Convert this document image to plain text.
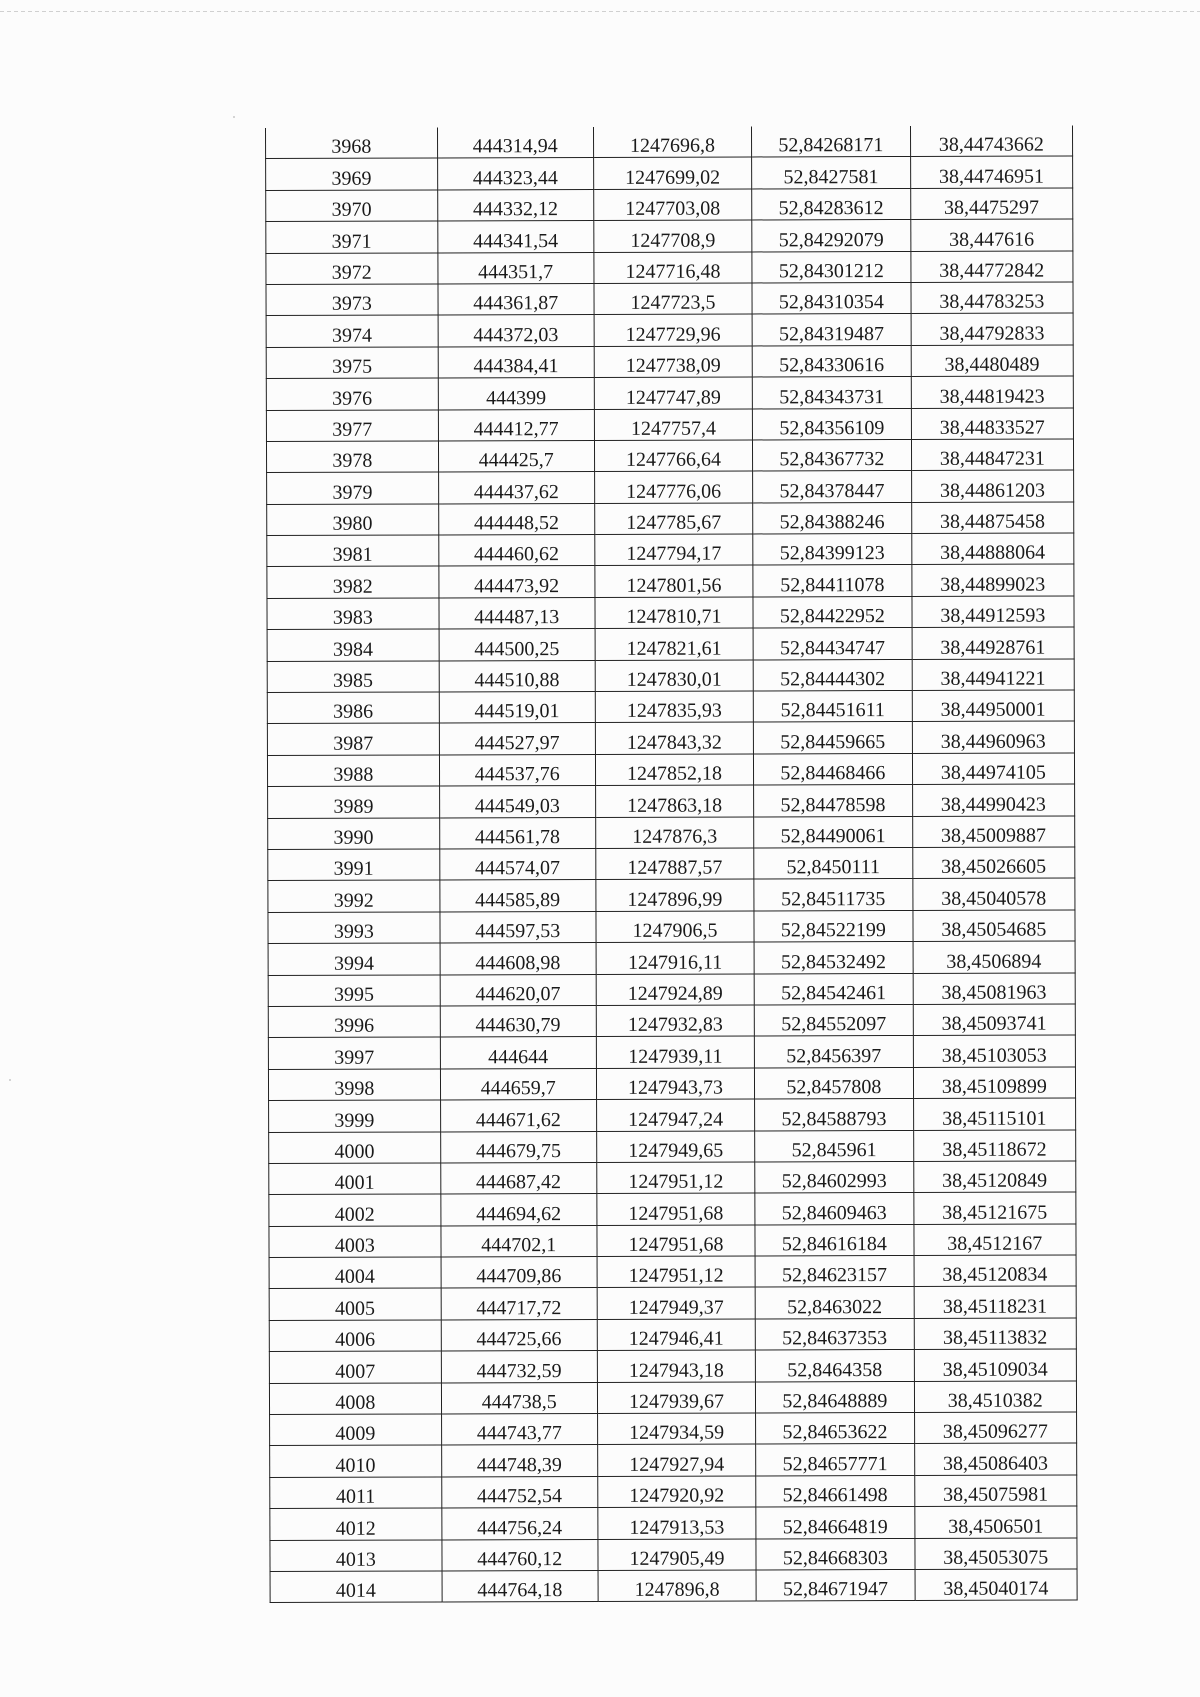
3968	444314,94	1247696,8	52,84268171	38,44743662
3969	444323,44	1247699,02	52,8427581	38,44746951
3970	444332,12	1247703,08	52,84283612	38,4475297
3971	444341,54	1247708,9	52,84292079	38,447616
3972	444351,7	1247716,48	52,84301212	38,44772842
3973	444361,87	1247723,5	52,84310354	38,44783253
3974	444372,03	1247729,96	52,84319487	38,44792833
3975	444384,41	1247738,09	52,84330616	38,4480489
3976	444399	1247747,89	52,84343731	38,44819423
3977	444412,77	1247757,4	52,84356109	38,44833527
3978	444425,7	1247766,64	52,84367732	38,44847231
3979	444437,62	1247776,06	52,84378447	38,44861203
3980	444448,52	1247785,67	52,84388246	38,44875458
3981	444460,62	1247794,17	52,84399123	38,44888064
3982	444473,92	1247801,56	52,84411078	38,44899023
3983	444487,13	1247810,71	52,84422952	38,44912593
3984	444500,25	1247821,61	52,84434747	38,44928761
3985	444510,88	1247830,01	52,84444302	38,44941221
3986	444519,01	1247835,93	52,84451611	38,44950001
3987	444527,97	1247843,32	52,84459665	38,44960963
3988	444537,76	1247852,18	52,84468466	38,44974105
3989	444549,03	1247863,18	52,84478598	38,44990423
3990	444561,78	1247876,3	52,84490061	38,45009887
3991	444574,07	1247887,57	52,8450111	38,45026605
3992	444585,89	1247896,99	52,84511735	38,45040578
3993	444597,53	1247906,5	52,84522199	38,45054685
3994	444608,98	1247916,11	52,84532492	38,4506894
3995	444620,07	1247924,89	52,84542461	38,45081963
3996	444630,79	1247932,83	52,84552097	38,45093741
3997	444644	1247939,11	52,8456397	38,45103053
3998	444659,7	1247943,73	52,8457808	38,45109899
3999	444671,62	1247947,24	52,84588793	38,45115101
4000	444679,75	1247949,65	52,845961	38,45118672
4001	444687,42	1247951,12	52,84602993	38,45120849
4002	444694,62	1247951,68	52,84609463	38,45121675
4003	444702,1	1247951,68	52,84616184	38,4512167
4004	444709,86	1247951,12	52,84623157	38,45120834
4005	444717,72	1247949,37	52,8463022	38,45118231
4006	444725,66	1247946,41	52,84637353	38,45113832
4007	444732,59	1247943,18	52,8464358	38,45109034
4008	444738,5	1247939,67	52,84648889	38,4510382
4009	444743,77	1247934,59	52,84653622	38,45096277
4010	444748,39	1247927,94	52,84657771	38,45086403
4011	444752,54	1247920,92	52,84661498	38,45075981
4012	444756,24	1247913,53	52,84664819	38,4506501
4013	444760,12	1247905,49	52,84668303	38,45053075
4014	444764,18	1247896,8	52,84671947	38,45040174
